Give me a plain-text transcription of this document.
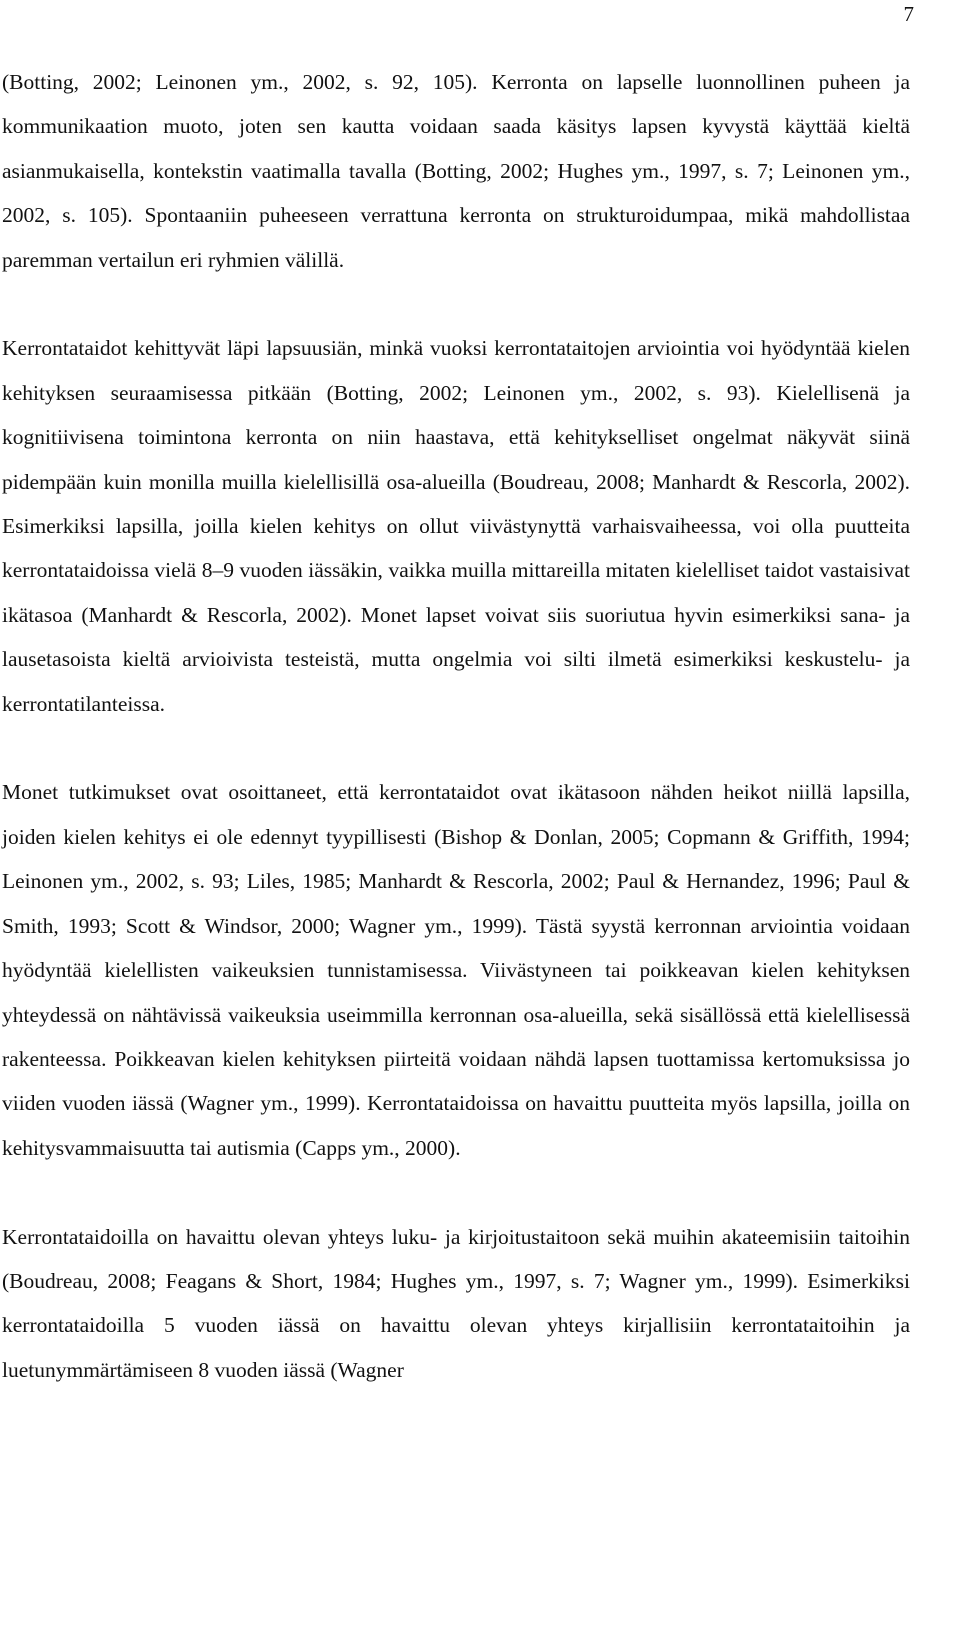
7

(Botting, 2002; Leinonen ym., 2002, s. 92, 105). Kerronta on lapselle luonnollinen puheen ja kommunikaation muoto, joten sen kautta voidaan saada käsitys lapsen kyvystä käyttää kieltä asianmukaisella, kontekstin vaatimalla tavalla (Botting, 2002; Hughes ym., 1997, s. 7; Leinonen ym., 2002, s. 105). Spontaaniin puheeseen verrattuna kerronta on strukturoidumpaa, mikä mahdollistaa paremman vertailun eri ryhmien välillä.

Kerrontataidot kehittyvät läpi lapsuusiän, minkä vuoksi kerrontataitojen arviointia voi hyödyntää kielen kehityksen seuraamisessa pitkään (Botting, 2002; Leinonen ym., 2002, s. 93). Kielellisenä ja kognitiivisena toimintona kerronta on niin haastava, että kehitykselliset ongelmat näkyvät siinä pidempään kuin monilla muilla kielellisillä osa-alueilla (Boudreau, 2008; Manhardt & Rescorla, 2002). Esimerkiksi lapsilla, joilla kielen kehitys on ollut viivästynyttä varhaisvaiheessa, voi olla puutteita kerrontataidoissa vielä 8–9 vuoden iässäkin, vaikka muilla mittareilla mitaten kielelliset taidot vastaisivat ikätasoa (Manhardt & Rescorla, 2002). Monet lapset voivat siis suoriutua hyvin esimerkiksi sana- ja lausetasoista kieltä arvioivista testeistä, mutta ongelmia voi silti ilmetä esimerkiksi keskustelu- ja kerrontatilanteissa.

Monet tutkimukset ovat osoittaneet, että kerrontataidot ovat ikätasoon nähden heikot niillä lapsilla, joiden kielen kehitys ei ole edennyt tyypillisesti (Bishop & Donlan, 2005; Copmann & Griffith, 1994; Leinonen ym., 2002, s. 93; Liles, 1985; Manhardt & Rescorla, 2002; Paul & Hernandez, 1996; Paul & Smith, 1993; Scott & Windsor, 2000; Wagner ym., 1999). Tästä syystä kerronnan arviointia voidaan hyödyntää kielellisten vaikeuksien tunnistamisessa. Viivästyneen tai poikkeavan kielen kehityksen yhteydessä on nähtävissä vaikeuksia useimmilla kerronnan osa-alueilla, sekä sisällössä että kielellisessä rakenteessa. Poikkeavan kielen kehityksen piirteitä voidaan nähdä lapsen tuottamissa kertomuksissa jo viiden vuoden iässä (Wagner ym., 1999). Kerrontataidoissa on havaittu puutteita myös lapsilla, joilla on kehitysvammaisuutta tai autismia (Capps ym., 2000).

Kerrontataidoilla on havaittu olevan yhteys luku- ja kirjoitustaitoon sekä muihin akateemisiin taitoihin (Boudreau, 2008; Feagans & Short, 1984; Hughes ym., 1997, s. 7; Wagner ym., 1999). Esimerkiksi kerrontataidoilla 5 vuoden iässä on havaittu olevan yhteys kirjallisiin kerrontataitoihin ja luetunymmärtämiseen 8 vuoden iässä (Wagner
